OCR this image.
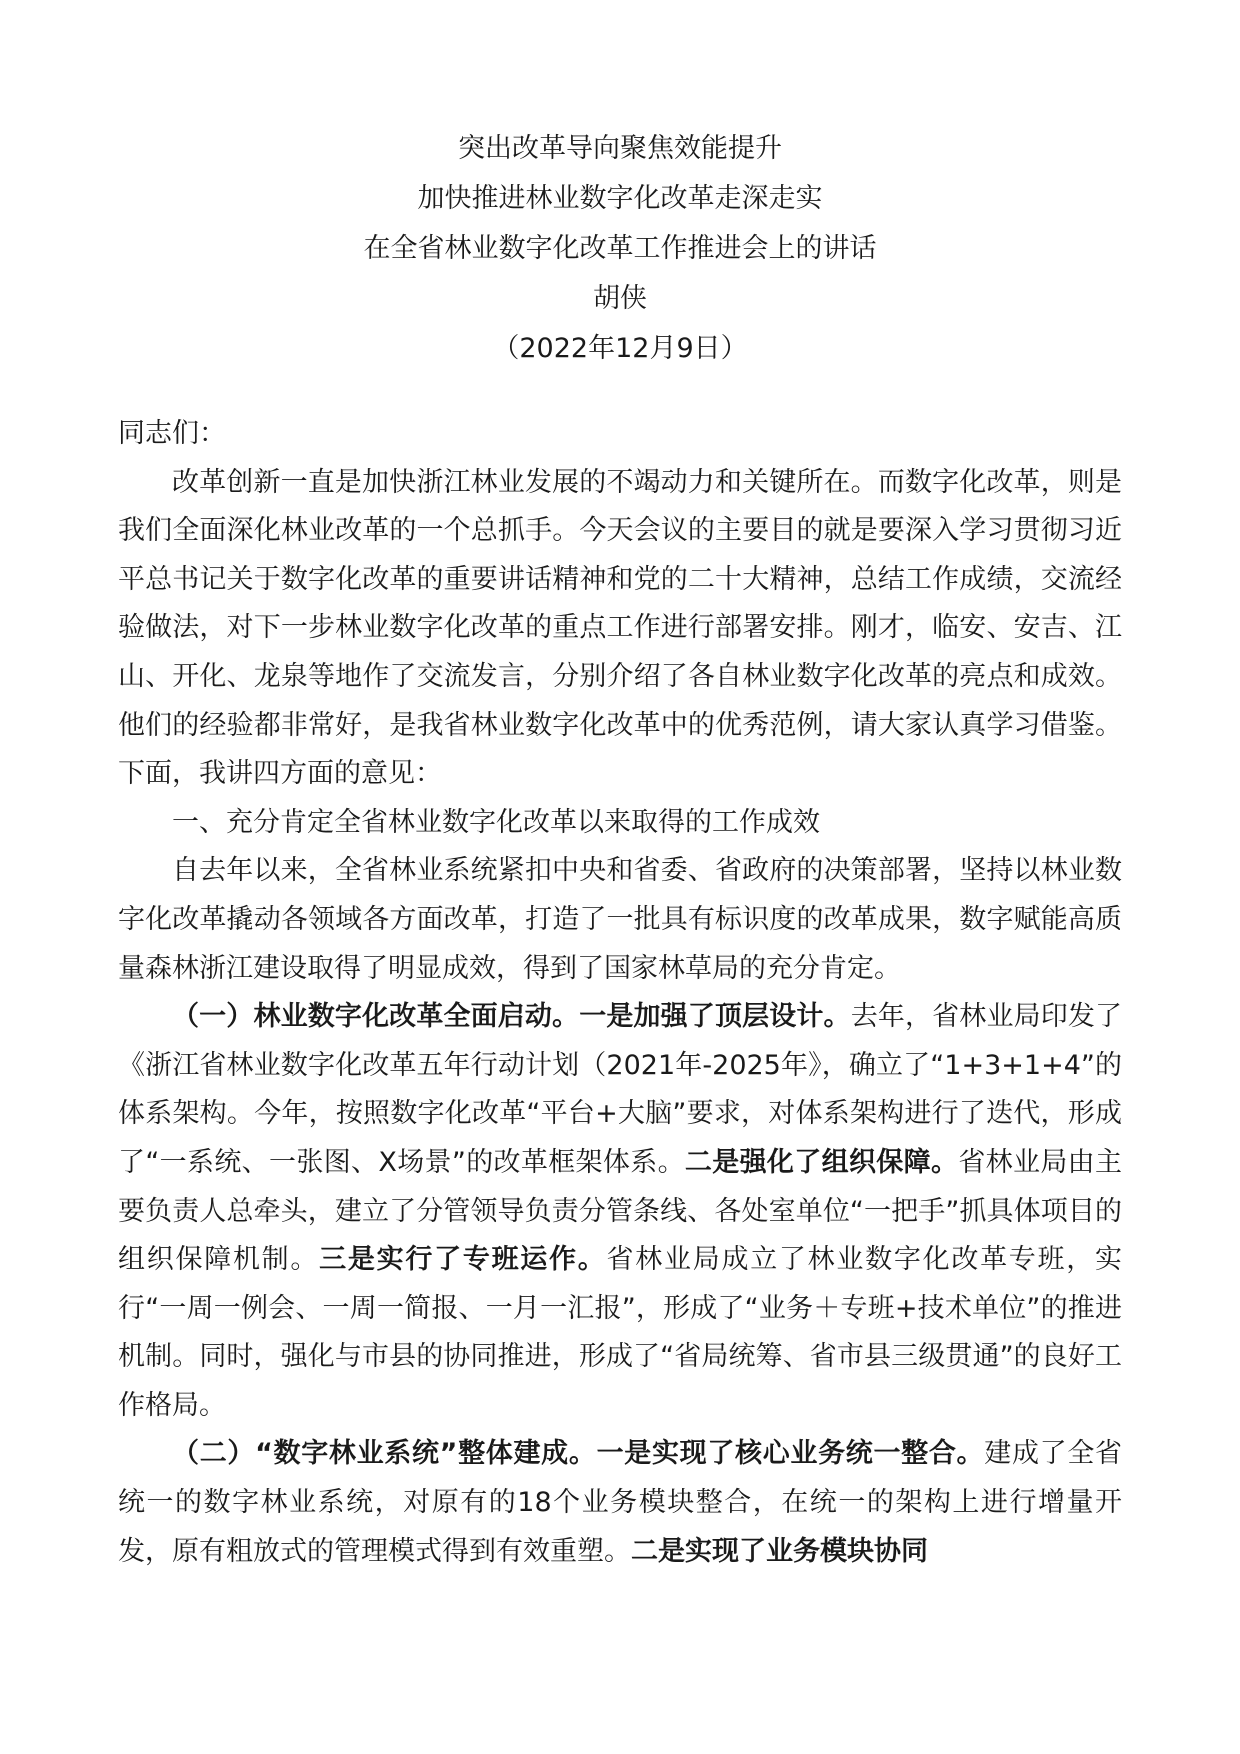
突出改革导向聚焦效能提升
加快推进林业数字化改革走深走实
在全省林业数字化改革工作推进会上的讲话
胡侠
（2022年12月9日）

同志们：

改革创新一直是加快浙江林业发展的不竭动力和关键所在。而数字化改革，则是我们全面深化林业改革的一个总抓手。今天会议的主要目的就是要深入学习贯彻习近平总书记关于数字化改革的重要讲话精神和党的二十大精神，总结工作成绩，交流经验做法，对下一步林业数字化改革的重点工作进行部署安排。刚才，临安、安吉、江山、开化、龙泉等地作了交流发言，分别介绍了各自林业数字化改革的亮点和成效。他们的经验都非常好，是我省林业数字化改革中的优秀范例，请大家认真学习借鉴。下面，我讲四方面的意见：

一、充分肯定全省林业数字化改革以来取得的工作成效

自去年以来，全省林业系统紧扣中央和省委、省政府的决策部署，坚持以林业数字化改革撬动各领域各方面改革，打造了一批具有标识度的改革成果，数字赋能高质量森林浙江建设取得了明显成效，得到了国家林草局的充分肯定。

（一）林业数字化改革全面启动。一是加强了顶层设计。去年，省林业局印发了《浙江省林业数字化改革五年行动计划（2021年-2025年》，确立了“1+3+1+4”的体系架构。今年，按照数字化改革“平台+大脑”要求，对体系架构进行了迭代，形成了“一系统、一张图、X场景”的改革框架体系。二是强化了组织保障。省林业局由主要负责人总牵头，建立了分管领导负责分管条线、各处室单位“一把手”抓具体项目的组织保障机制。三是实行了专班运作。省林业局成立了林业数字化改革专班，实行“一周一例会、一周一简报、一月一汇报”，形成了“业务＋专班+技术单位”的推进机制。同时，强化与市县的协同推进，形成了“省局统筹、省市县三级贯通”的良好工作格局。

（二）“数字林业系统”整体建成。一是实现了核心业务统一整合。建成了全省统一的数字林业系统，对原有的18个业务模块整合，在统一的架构上进行增量开发，原有粗放式的管理模式得到有效重塑。二是实现了业务模块协同
